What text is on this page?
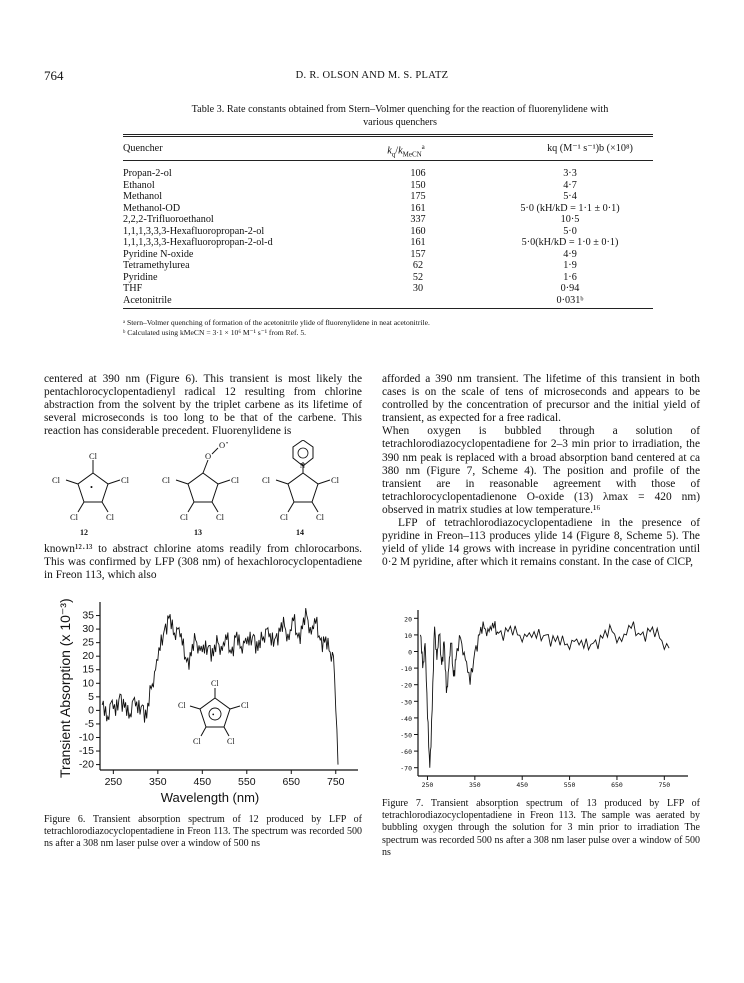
764	D. R. OLSON AND M. S. PLATZ
Table 3. Rate constants obtained from Stern–Volmer quenching for the reaction of fluorenylidene with
various quenchers
Quencher	$k_q/k_{MeCN}^a$	kq (M⁻¹ s⁻¹)b (×10⁸)
Propan-2-ol	106	3·3
Ethanol	150	4·7
Methanol	175	5·4
Methanol-OD	161	5·0 (kH/kD = 1·1 ± 0·1)
2,2,2-Trifluoroethanol	337	10·5
1,1,1,3,3,3-Hexafluoropropan-2-ol	160	5·0
1,1,1,3,3,3-Hexafluoropropan-2-ol-d	161	5·0(kH/kD = 1·0 ± 0·1)
Pyridine N-oxide	157	4·9
Tetramethylurea	62	1·9
Pyridine	52	1·6
THF	30	0·94
Acetonitrile		0·031ᵇ
ᵃ Stern–Volmer quenching of formation of the acetonitrile ylide of fluorenylidene in neat acetonitrile.
ᵇ Calculated using kMeCN = 3·1 × 10⁶ M⁻¹ s⁻¹ from Ref. 5.

centered at 390 nm (Figure 6). This transient is most likely the pentachlorocyclopentadienyl radical 12 resulting from chlorine abstraction from the solvent by the triplet carbene as its lifetime of several microseconds is too long to be that of the carbene. This reaction has considerable precedent. Fluorenylidene is

Cl
Cl
Cl
Cl
Cl
•
O
O •
Cl
Cl
Cl
Cl
N
Cl
Cl
Cl
Cl
12	13	14

known¹²·¹³ to abstract chlorine atoms readily from chlorocarbons. This was confirmed by LFP (308 nm) of hexachlorocyclopentadiene in Freon 113, which also

afforded a 390 nm transient. The lifetime of this transient in both cases is on the scale of tens of microseconds and appears to be controlled by the concentration of precursor and the initial yield of transient, as expected for a free radical.

When oxygen is bubbled through a solution of tetrachlorodiazocyclopentadiene for 2–3 min prior to irradiation, the 390 nm peak is replaced with a broad absorption band centered at ca 380 nm (Figure 7, Scheme 4). The position and profile of the transient are in reasonable agreement with those of tetrachlorocyclopentadienone O-oxide (13) λmax = 420 nm) observed in matrix studies at low temperature.¹⁶

LFP of tetrachlorodiazocyclopentadiene in the presence of pyridine in Freon–113 produces ylide 14 (Figure 8, Scheme 5). The yield of ylide 14 grows with increase in pyridine concentration until 0·2 M pyridine, after which it remains constant. In the case of ClCP,

Transient Absorption (x 10⁻³)
Wavelength (nm)
250	350	450	550	650	750
35
30
25
20
15
10
5
0
-5
-10
-15
-20
•
Cl
Cl
Cl
Cl
Cl
Figure 6. Transient absorption spectrum of 12 produced by LFP of tetrachlorodiazocyclopentadiene in Freon 113. The spectrum was recorded 500 ns after a 308 nm laser pulse over a window of 500 ns
250	350	450	550	650	750
20
10
0
-10
-20
-30
-40
-50
-60
-70
Figure 7. Transient absorption spectrum of 13 produced by LFP of tetrachlorodiazocyclopentadiene in Freon 113. The sample was aerated by bubbling oxygen through the solution for 3 min prior to irradiation The spectrum was recorded 500 ns after a 308 nm laser pulse over a window of 500 ns
